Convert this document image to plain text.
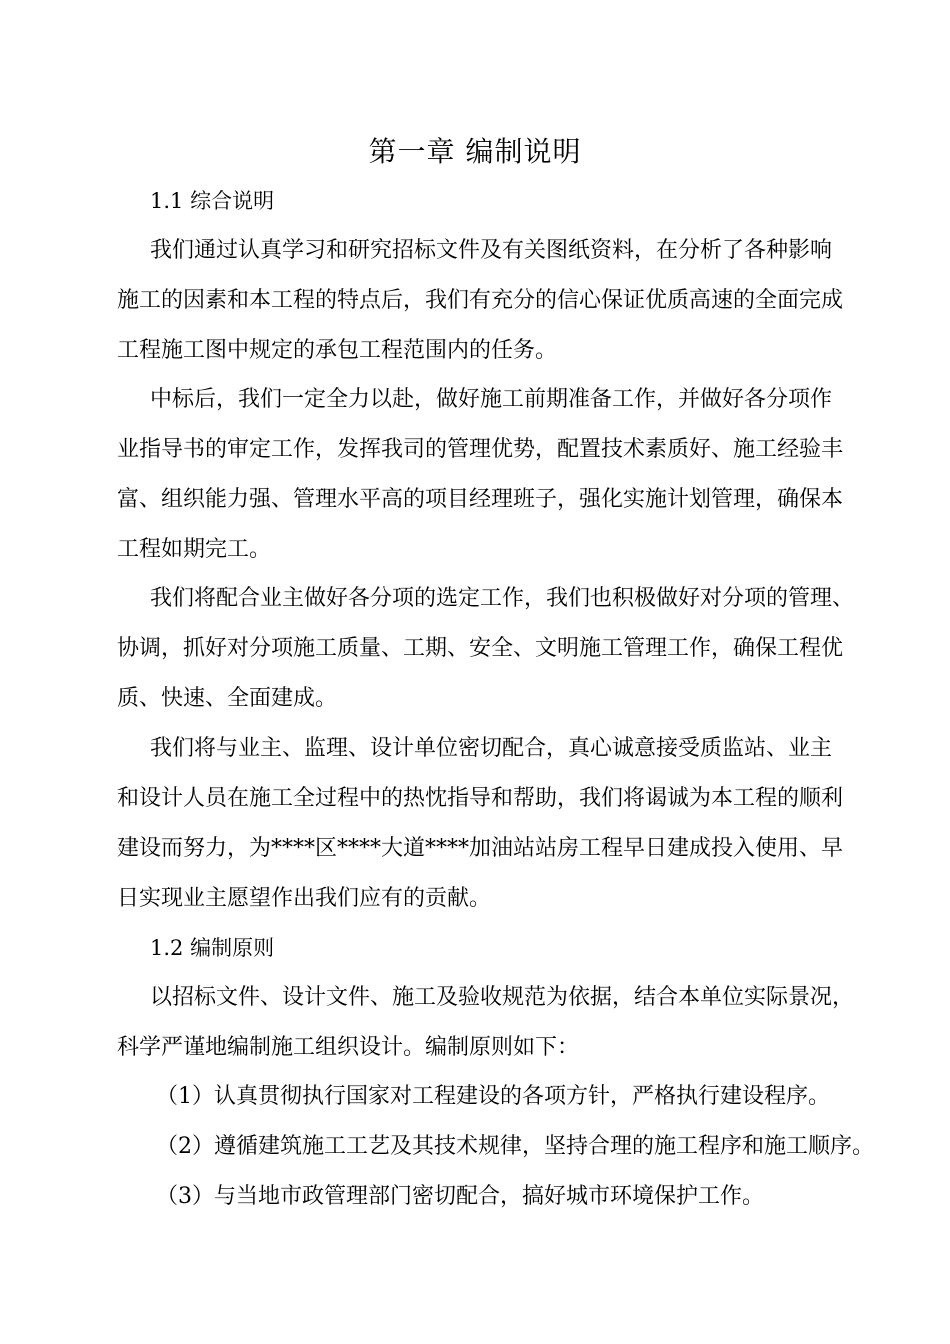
第一章 编制说明
1.1 综合说明
我们通过认真学习和研究招标文件及有关图纸资料，在分析了各种影响
施工的因素和本工程的特点后，我们有充分的信心保证优质高速的全面完成
工程施工图中规定的承包工程范围内的任务。
中标后，我们一定全力以赴，做好施工前期准备工作，并做好各分项作
业指导书的审定工作，发挥我司的管理优势，配置技术素质好、施工经验丰
富、组织能力强、管理水平高的项目经理班子，强化实施计划管理，确保本
工程如期完工。
我们将配合业主做好各分项的选定工作，我们也积极做好对分项的管理、
协调，抓好对分项施工质量、工期、安全、文明施工管理工作，确保工程优
质、快速、全面建成。
我们将与业主、监理、设计单位密切配合，真心诚意接受质监站、业主
和设计人员在施工全过程中的热忱指导和帮助，我们将谒诚为本工程的顺利
建设而努力，为****区****大道****加油站站房工程早日建成投入使用、早
日实现业主愿望作出我们应有的贡献。
1.2 编制原则
以招标文件、设计文件、施工及验收规范为依据，结合本单位实际景况，
科学严谨地编制施工组织设计。编制原则如下：
（1）认真贯彻执行国家对工程建设的各项方针，严格执行建设程序。
（2）遵循建筑施工工艺及其技术规律，坚持合理的施工程序和施工顺序。
（3）与当地市政管理部门密切配合，搞好城市环境保护工作。
